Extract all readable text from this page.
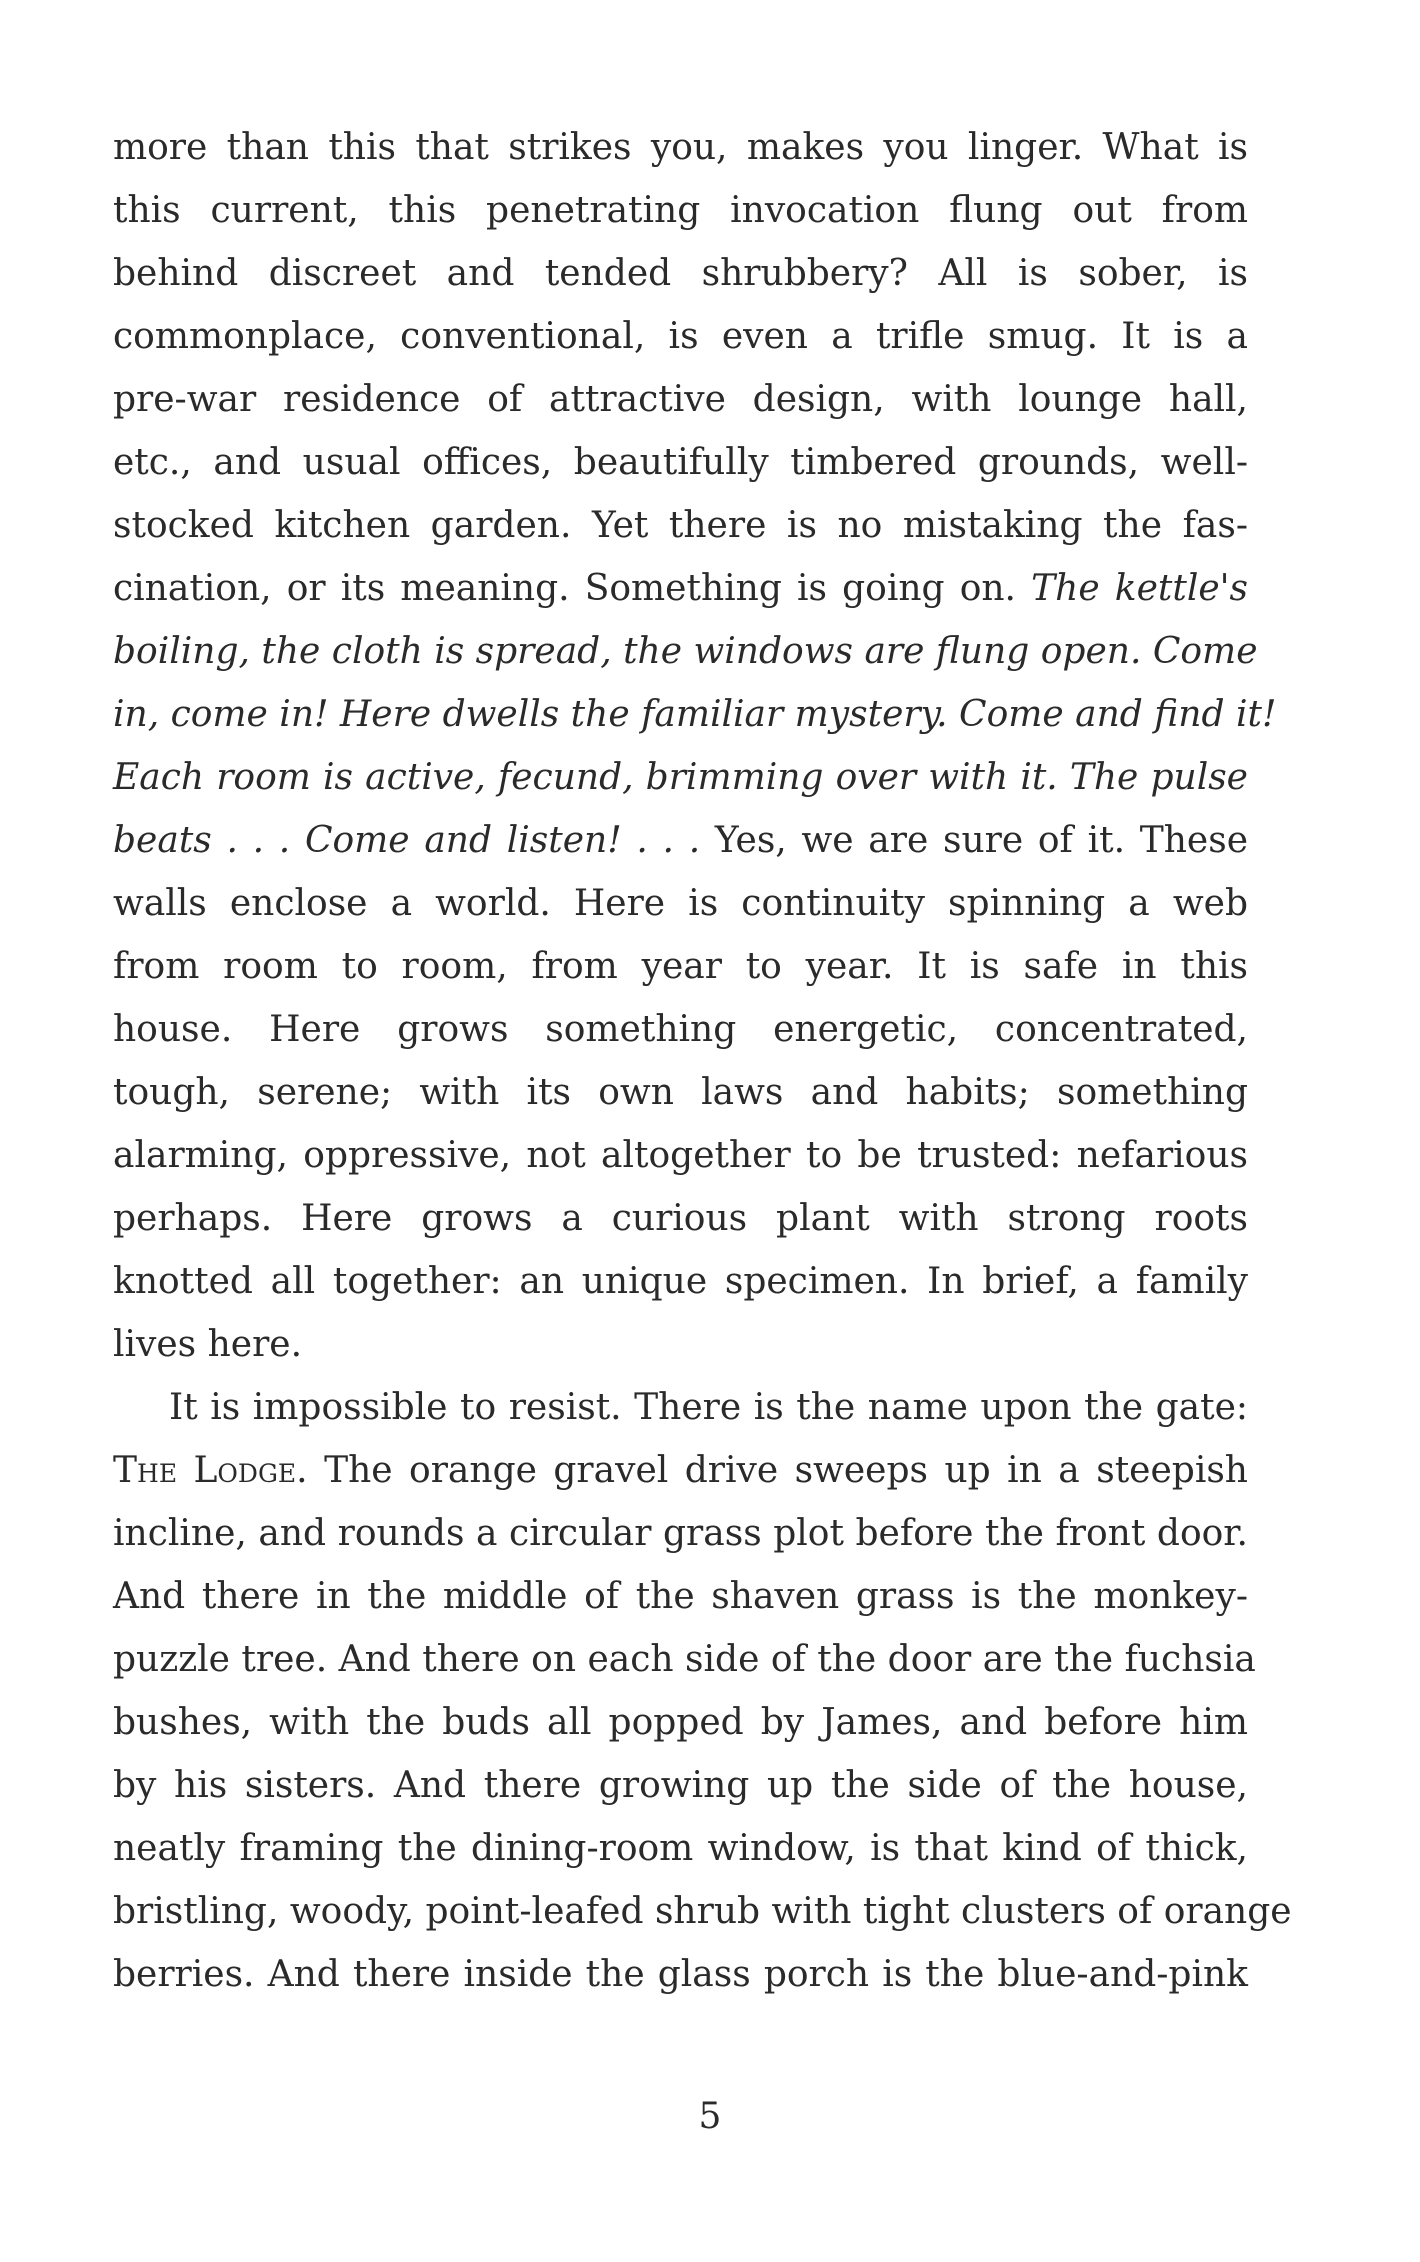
more than this that strikes you, makes you linger. What is
this current, this penetrating invocation flung out from
behind discreet and tended shrubbery? All is sober, is
commonplace, conventional, is even a trifle smug. It is a
pre-war residence of attractive design, with lounge hall,
etc., and usual offices, beautifully timbered grounds, well-
stocked kitchen garden. Yet there is no mistaking the fas-
cination, or its meaning. Something is going on. The kettle's
boiling, the cloth is spread, the windows are flung open. Come
in, come in! Here dwells the familiar mystery. Come and find it!
Each room is active, fecund, brimming over with it. The pulse
beats . . . Come and listen! . . . Yes, we are sure of it. These
walls enclose a world. Here is continuity spinning a web
from room to room, from year to year. It is safe in this
house. Here grows something energetic, concentrated,
tough, serene; with its own laws and habits; something
alarming, oppressive, not altogether to be trusted: nefarious
perhaps. Here grows a curious plant with strong roots
knotted all together: an unique specimen. In brief, a family
lives here.
It is impossible to resist. There is the name upon the gate:
The Lodge. The orange gravel drive sweeps up in a steepish
incline, and rounds a circular grass plot before the front door.
And there in the middle of the shaven grass is the monkey-
puzzle tree. And there on each side of the door are the fuchsia
bushes, with the buds all popped by James, and before him
by his sisters. And there growing up the side of the house,
neatly framing the dining-room window, is that kind of thick,
bristling, woody, point-leafed shrub with tight clusters of orange
berries. And there inside the glass porch is the blue-and-pink
5
